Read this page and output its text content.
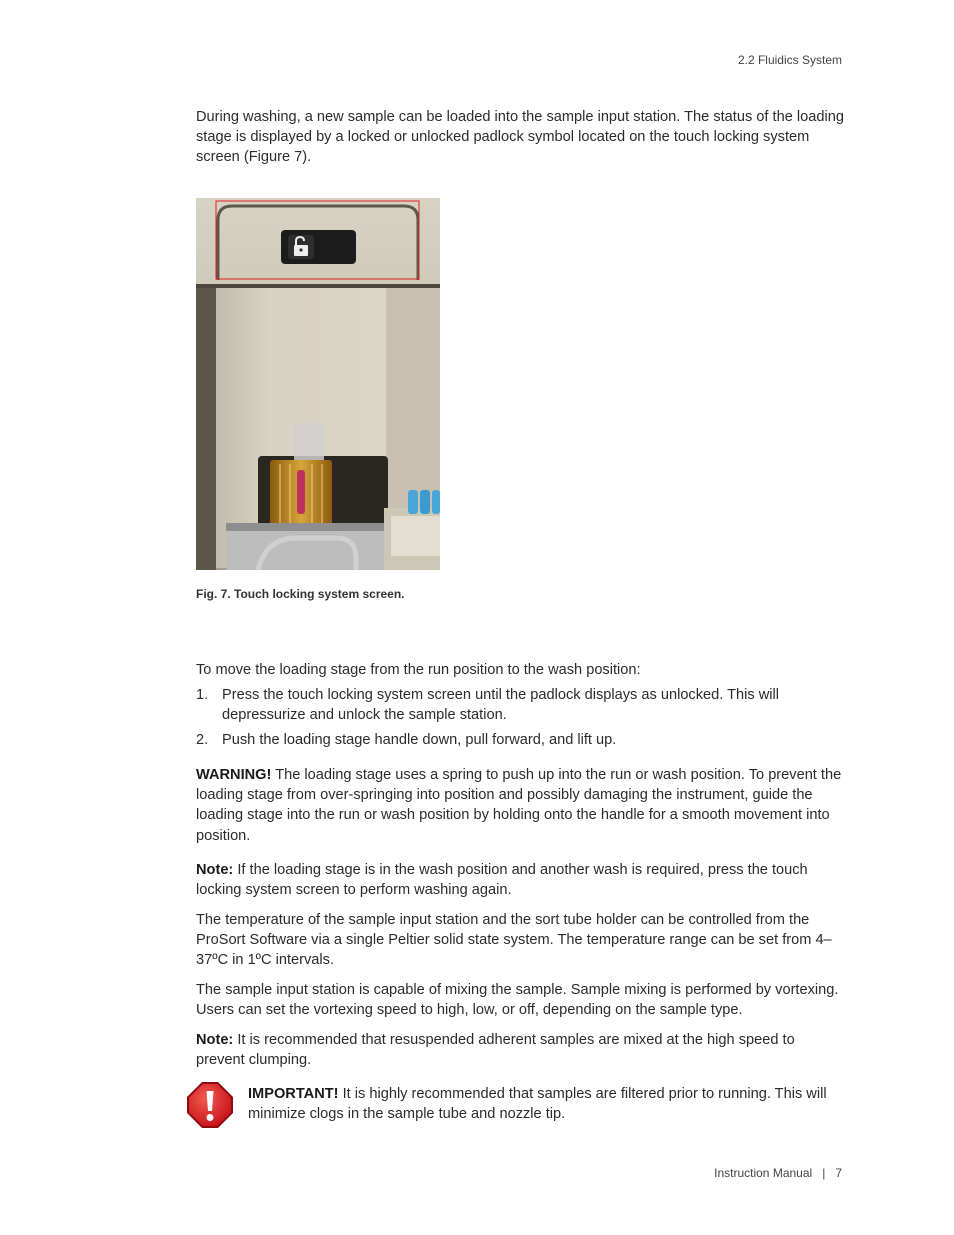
2.2 Fluidics System

During washing, a new sample can be loaded into the sample input station. The status of the loading stage is displayed by a locked or unlocked padlock symbol located on the touch locking system screen (Figure 7).

Fig. 7. Touch locking system screen.

To move the loading stage from the run position to the wash position:

1. Press the touch locking system screen until the padlock displays as unlocked. This will depressurize and unlock the sample station.
2. Push the loading stage handle down, pull forward, and lift up.

WARNING! The loading stage uses a spring to push up into the run or wash position. To prevent the loading stage from over-springing into position and possibly damaging the instrument, guide the loading stage into the run or wash position by holding onto the handle for a smooth movement into position.

Note: If the loading stage is in the wash position and another wash is required, press the touch locking system screen to perform washing again.

The temperature of the sample input station and the sort tube holder can be controlled from the ProSort Software via a single Peltier solid state system. The temperature range can be set from 4–37ºC in 1ºC intervals.

The sample input station is capable of mixing the sample. Sample mixing is performed by vortexing. Users can set the vortexing speed to high, low, or off, depending on the sample type.

Note: It is recommended that resuspended adherent samples are mixed at the high speed to prevent clumping.

IMPORTANT! It is highly recommended that samples are filtered prior to running. This will minimize clogs in the sample tube and nozzle tip.

Instruction Manual | 7
